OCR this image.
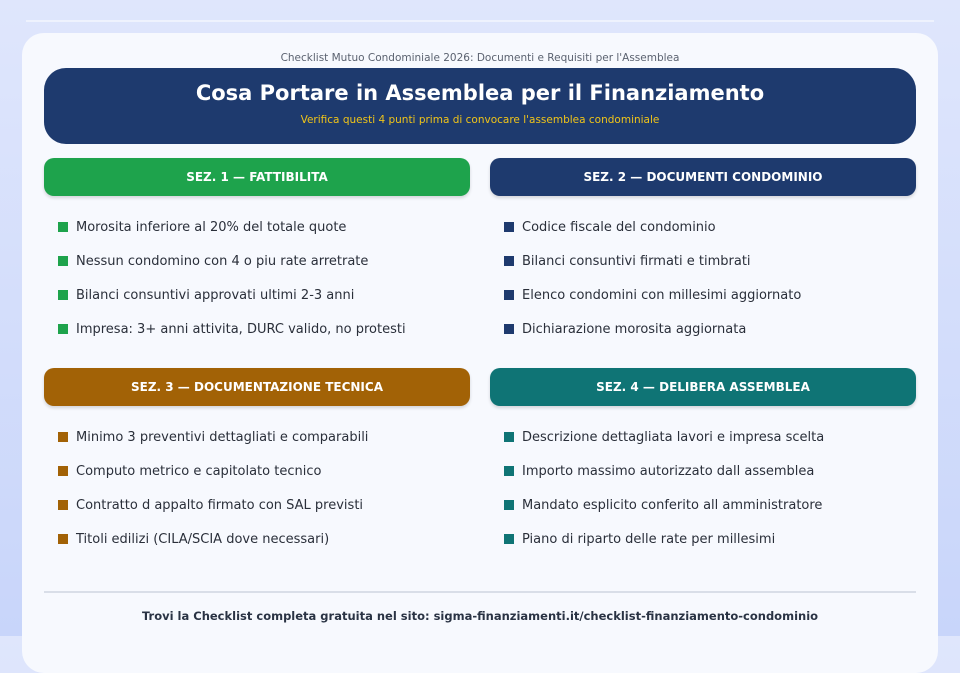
Checklist Mutuo Condominiale 2026: Documenti e Requisiti per l'Assemblea
Cosa Portare in Assemblea per il Finanziamento

Verifica questi 4 punti prima di convocare l'assemblea condominiale

SEZ. 1 — FATTIBILITA
Morosita inferiore al 20% del totale quote
Nessun condomino con 4 o piu rate arretrate
Bilanci consuntivi approvati ultimi 2-3 anni
Impresa: 3+ anni attivita, DURC valido, no protesti
SEZ. 2 — DOCUMENTI CONDOMINIO
Codice fiscale del condominio
Bilanci consuntivi firmati e timbrati
Elenco condomini con millesimi aggiornato
Dichiarazione morosita aggiornata
SEZ. 3 — DOCUMENTAZIONE TECNICA
Minimo 3 preventivi dettagliati e comparabili
Computo metrico e capitolato tecnico
Contratto d appalto firmato con SAL previsti
Titoli edilizi (CILA/SCIA dove necessari)
SEZ. 4 — DELIBERA ASSEMBLEA
Descrizione dettagliata lavori e impresa scelta
Importo massimo autorizzato dall assemblea
Mandato esplicito conferito all amministratore
Piano di riparto delle rate per millesimi
Trovi la Checklist completa gratuita nel sito: sigma-finanziamenti.it/checklist-finanziamento-condominio
